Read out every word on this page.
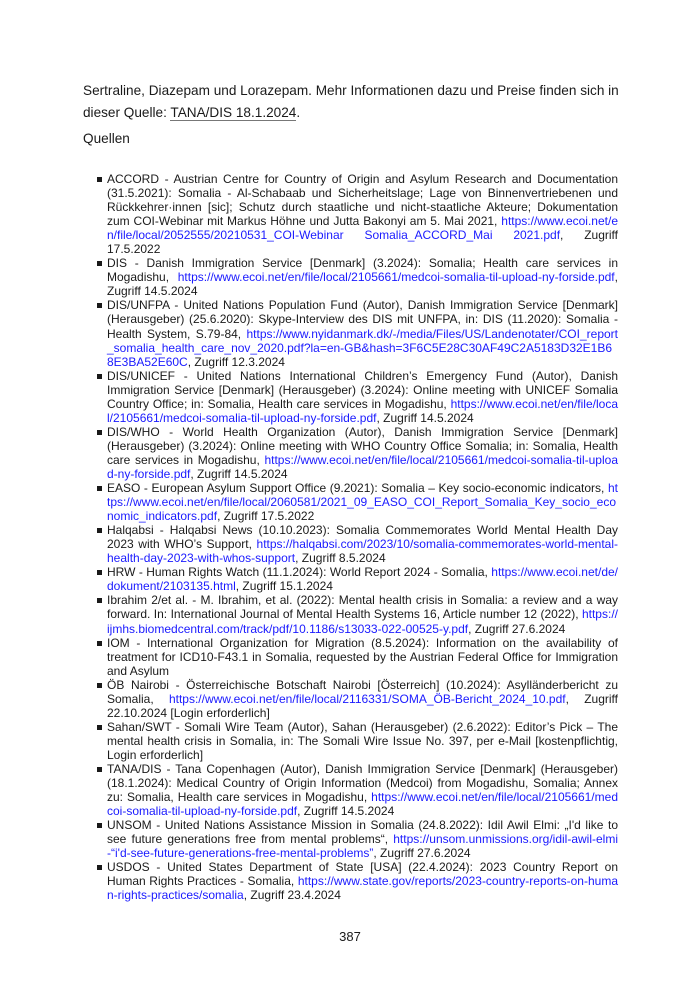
Sertraline, Diazepam und Lorazepam. Mehr Informationen dazu und Preise finden sich in dieser Quelle: TANA/DIS 18.1.2024.

Quellen
ACCORD - Austrian Centre for Country of Origin and Asylum Research and Documentation (31.5.2021): Somalia - Al-Schabaab und Sicherheitslage; Lage von Binnenvertriebenen und Rückkehrer·innen [sic]; Schutz durch staatliche und nicht-staatliche Akteure; Dokumentation zum COI-Webinar mit Markus Höhne und Jutta Bakonyi am 5. Mai 2021, https://www.ecoi.net/en/file/local/2052555/20210531_COI-Webinar Somalia_ACCORD_Mai 2021.pdf, Zugriff 17.5.2022
DIS - Danish Immigration Service [Denmark] (3.2024): Somalia; Health care services in Mogadishu, https://www.ecoi.net/en/file/local/2105661/medcoi-somalia-til-upload-ny-forside.pdf, Zugriff 14.5.2024
DIS/UNFPA - United Nations Population Fund (Autor), Danish Immigration Service [Denmark] (Herausgeber) (25.6.2020): Skype-Interview des DIS mit UNFPA, in: DIS (11.2020): Somalia - Health System, S.79-84, https://www.nyidanmark.dk/-/media/Files/US/Landenotater/COI_report_somalia_health_care_nov_2020.pdf?la=en-GB&hash=3F6C5E28C30AF49C2A5183D32E1B68E3BA52E60C, Zugriff 12.3.2024
DIS/UNICEF - United Nations International Children’s Emergency Fund (Autor), Danish Immigration Service [Denmark] (Herausgeber) (3.2024): Online meeting with UNICEF Somalia Country Office; in: Somalia, Health care services in Mogadishu, https://www.ecoi.net/en/file/local/2105661/medcoi-somalia-til-upload-ny-forside.pdf, Zugriff 14.5.2024
DIS/WHO - World Health Organization (Autor), Danish Immigration Service [Denmark] (Herausgeber) (3.2024): Online meeting with WHO Country Office Somalia; in: Somalia, Health care services in Mogadishu, https://www.ecoi.net/en/file/local/2105661/medcoi-somalia-til-upload-ny-forside.pdf, Zugriff 14.5.2024
EASO - European Asylum Support Office (9.2021): Somalia – Key socio-economic indicators, https://www.ecoi.net/en/file/local/2060581/2021_09_EASO_COI_Report_Somalia_Key_socio_economic_indicators.pdf, Zugriff 17.5.2022
Halqabsi - Halqabsi News (10.10.2023): Somalia Commemorates World Mental Health Day 2023 with WHO’s Support, https://halqabsi.com/2023/10/somalia-commemorates-world-mental-health-day-2023-with-whos-support, Zugriff 8.5.2024
HRW - Human Rights Watch (11.1.2024): World Report 2024 - Somalia, https://www.ecoi.net/de/dokument/2103135.html, Zugriff 15.1.2024
Ibrahim 2/et al. - M. Ibrahim, et al. (2022): Mental health crisis in Somalia: a review and a way forward. In: International Journal of Mental Health Systems 16, Article number 12 (2022), https://ijmhs.biomedcentral.com/track/pdf/10.1186/s13033-022-00525-y.pdf, Zugriff 27.6.2024
IOM - International Organization for Migration (8.5.2024): Information on the availability of treatment for ICD10-F43.1 in Somalia, requested by the Austrian Federal Office for Immigration and Asylum
ÖB Nairobi - Österreichische Botschaft Nairobi [Österreich] (10.2024): Asylländerbericht zu Somalia, https://www.ecoi.net/en/file/local/2116331/SOMA_ÖB-Bericht_2024_10.pdf, Zugriff 22.10.2024 [Login erforderlich]
Sahan/SWT - Somali Wire Team (Autor), Sahan (Herausgeber) (2.6.2022): Editor’s Pick – The mental health crisis in Somalia, in: The Somali Wire Issue No. 397, per e-Mail [kostenpflichtig, Login erforderlich]
TANA/DIS - Tana Copenhagen (Autor), Danish Immigration Service [Denmark] (Herausgeber) (18.1.2024): Medical Country of Origin Information (Medcoi) from Mogadishu, Somalia; Annex zu: Somalia, Health care services in Mogadishu, https://www.ecoi.net/en/file/local/2105661/medcoi-somalia-til-upload-ny-forside.pdf, Zugriff 14.5.2024
UNSOM - United Nations Assistance Mission in Somalia (24.8.2022): Idil Awil Elmi: „I'd like to see future generations free from mental problems“, https://unsom.unmissions.org/idil-awil-elmi-“i'd-see-future-generations-free-mental-problems”, Zugriff 27.6.2024
USDOS - United States Department of State [USA] (22.4.2024): 2023 Country Report on Human Rights Practices - Somalia, https://www.state.gov/reports/2023-country-reports-on-human-rights-practices/somalia, Zugriff 23.4.2024
387
